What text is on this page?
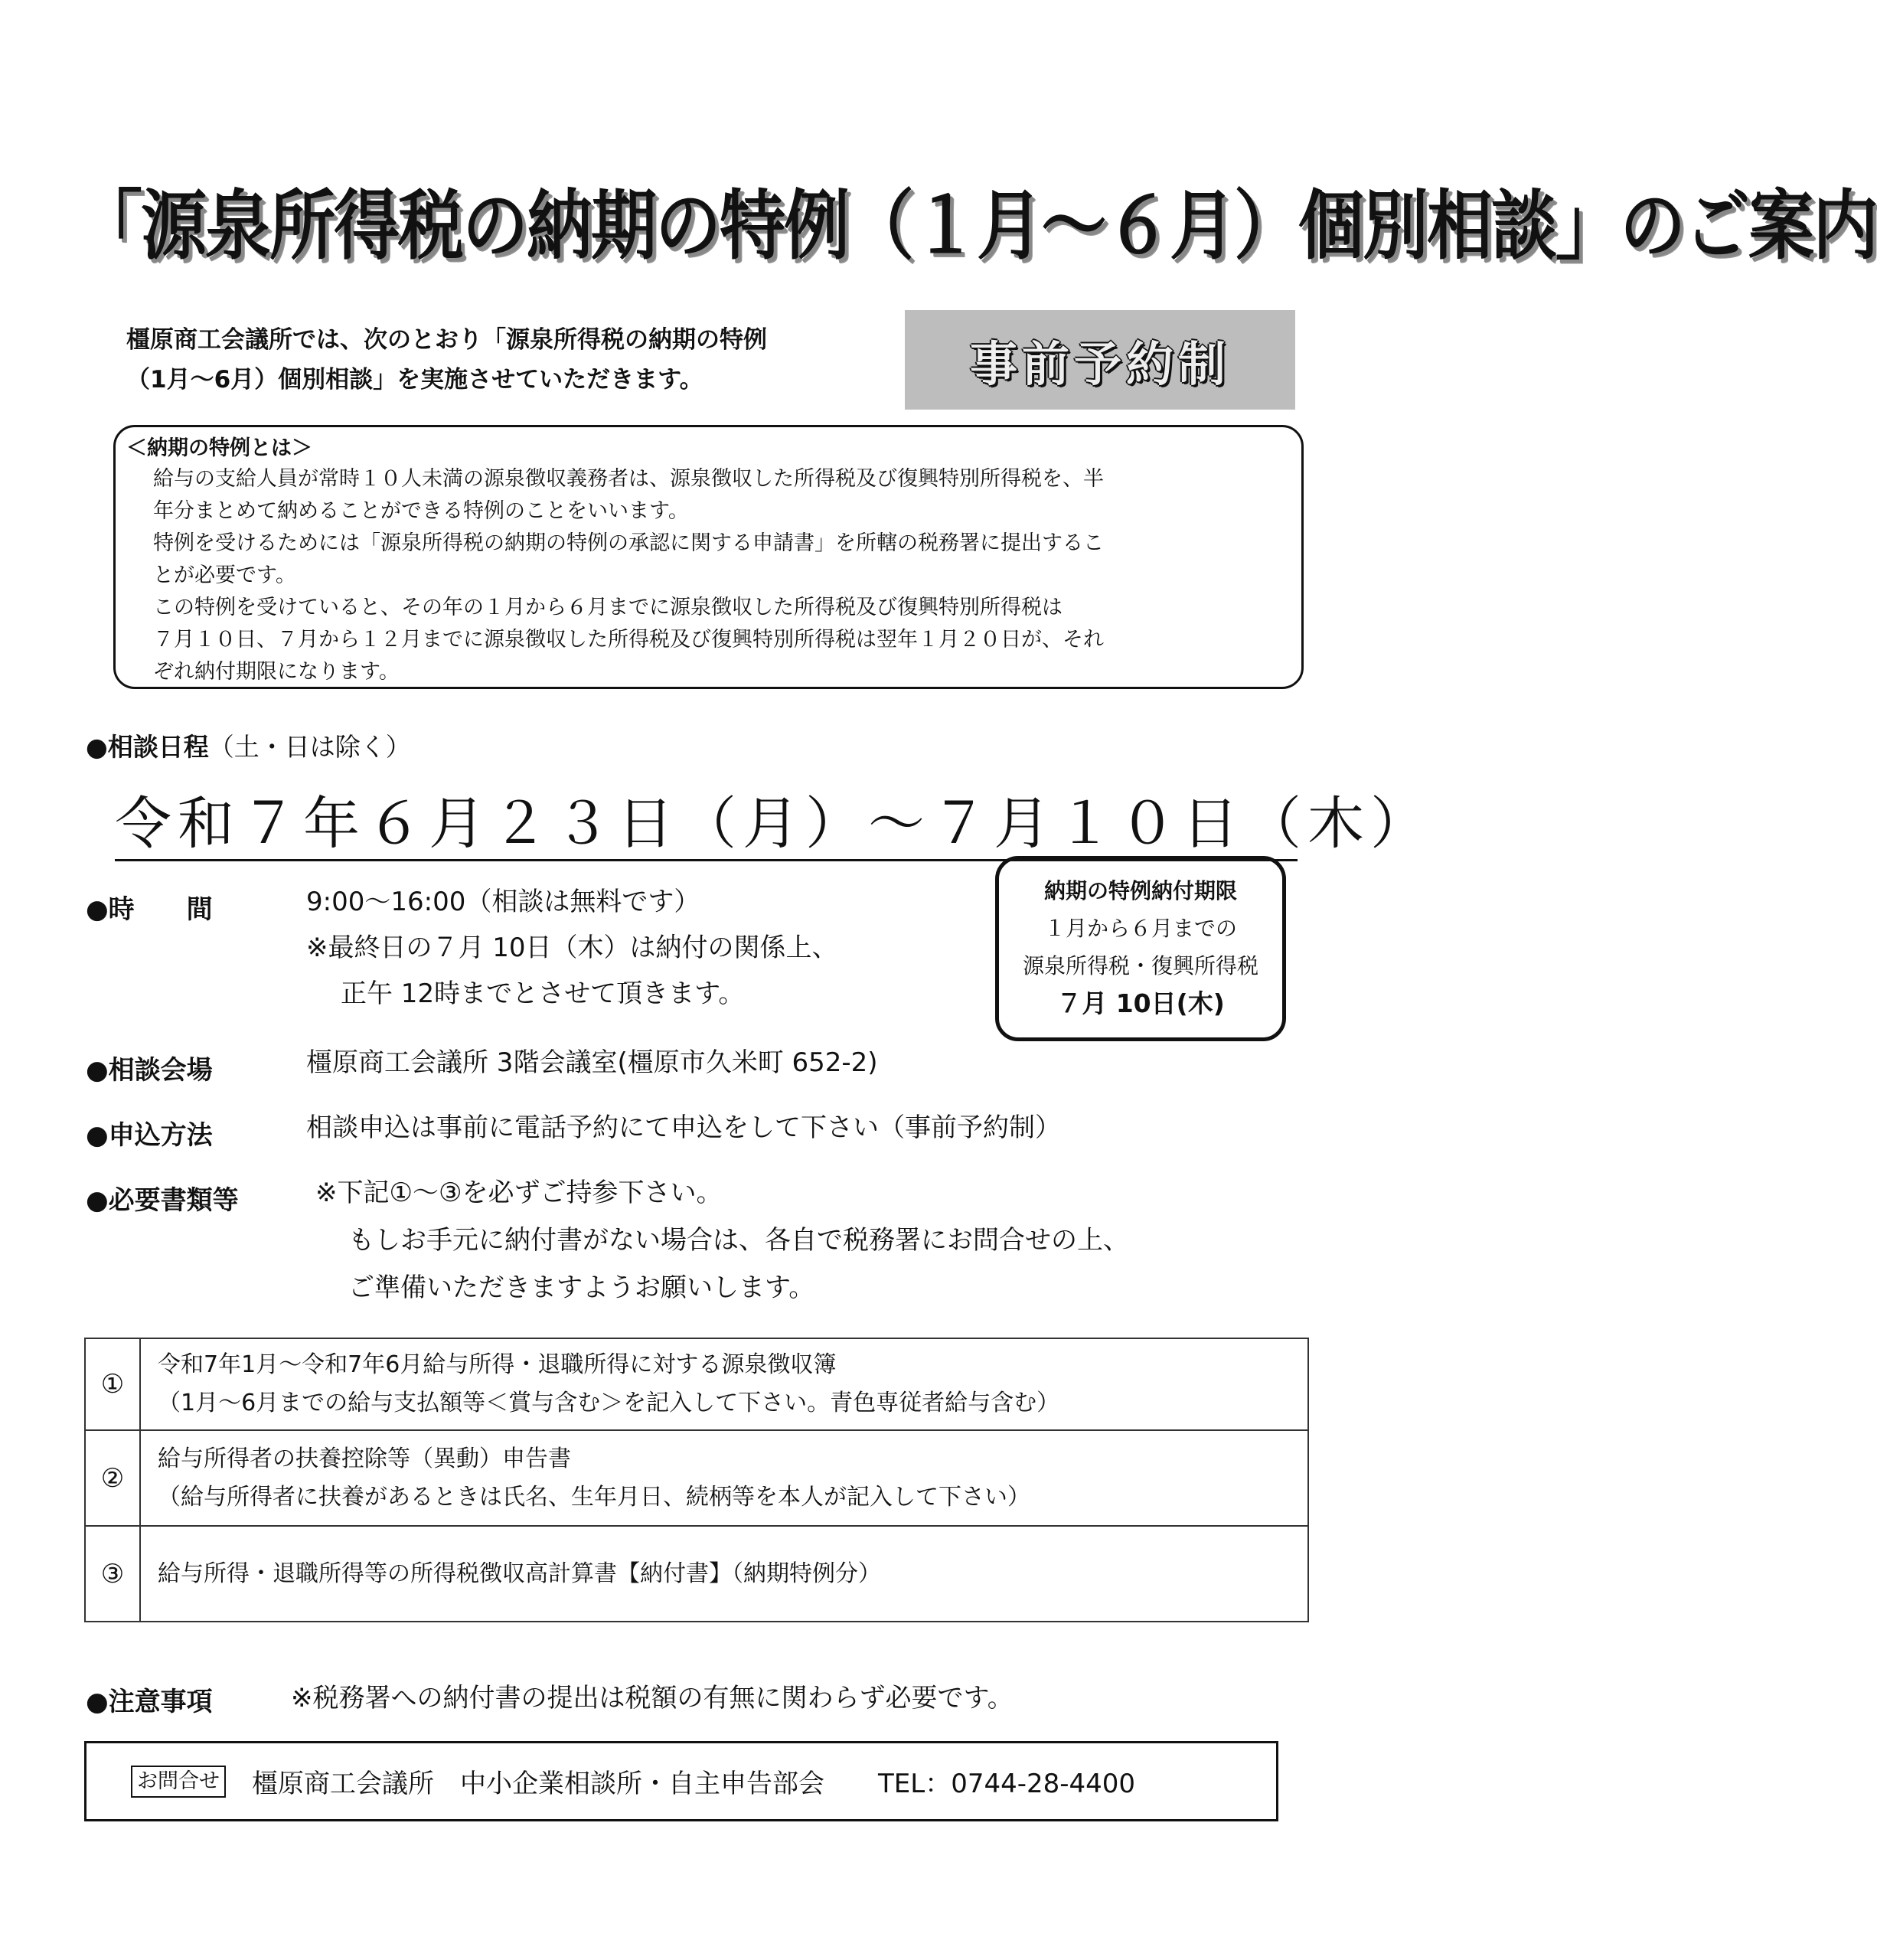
「源泉所得税の納期の特例（１月～６月）個別相談」のご案内
橿原商工会議所では、次のとおり「源泉所得税の納期の特例
（1月～6月）個別相談」を実施させていただきます。	事前予約制
＜納期の特例とは＞

給与の支給人員が常時１０人未満の源泉徴収義務者は、源泉徴収した所得税及び復興特別所得税を、半

年分まとめて納めることができる特例のことをいいます。

特例を受けるためには「源泉所得税の納期の特例の承認に関する申請書」を所轄の税務署に提出するこ

とが必要です。

この特例を受けていると、その年の１月から６月までに源泉徴収した所得税及び復興特別所得税は

７月１０日、７月から１２月までに源泉徴収した所得税及び復興特別所得税は翌年１月２０日が、それ

ぞれ納付期限になります。

●相談日程（土・日は除く）
令和７年６月２３日（月）～７月１０日（木）
納期の特例納付期限
１月から６月までの
源泉所得税・復興所得税
７月 10日(木)
●時　　間	9:00～16:00（相談は無料です）
※最終日の７月 10日（木）は納付の関係上、
正午 12時までとさせて頂きます。
●相談会場	橿原商工会議所 3階会議室(橿原市久米町 652-2)
●申込方法	相談申込は事前に電話予約にて申込をして下さい（事前予約制）
●必要書類等	※下記①～③を必ずご持参下さい。
もしお手元に納付書がない場合は、各自で税務署にお問合せの上、
ご準備いただきますようお願いします。
①	令和7年1月～令和7年6月給与所得・退職所得に対する源泉徴収簿
（1月～6月までの給与支払額等＜賞与含む＞を記入して下さい。青色専従者給与含む）

②	給与所得者の扶養控除等（異動）申告書
（給与所得者に扶養があるときは氏名、生年月日、続柄等を本人が記入して下さい）

③	給与所得・退職所得等の所得税徴収高計算書【納付書】（納期特例分）
●注意事項	※税務署への納付書の提出は税額の有無に関わらず必要です。
お問合せ 橿原商工会議所　中小企業相談所・自主申告部会 TEL：0744-28-4400
